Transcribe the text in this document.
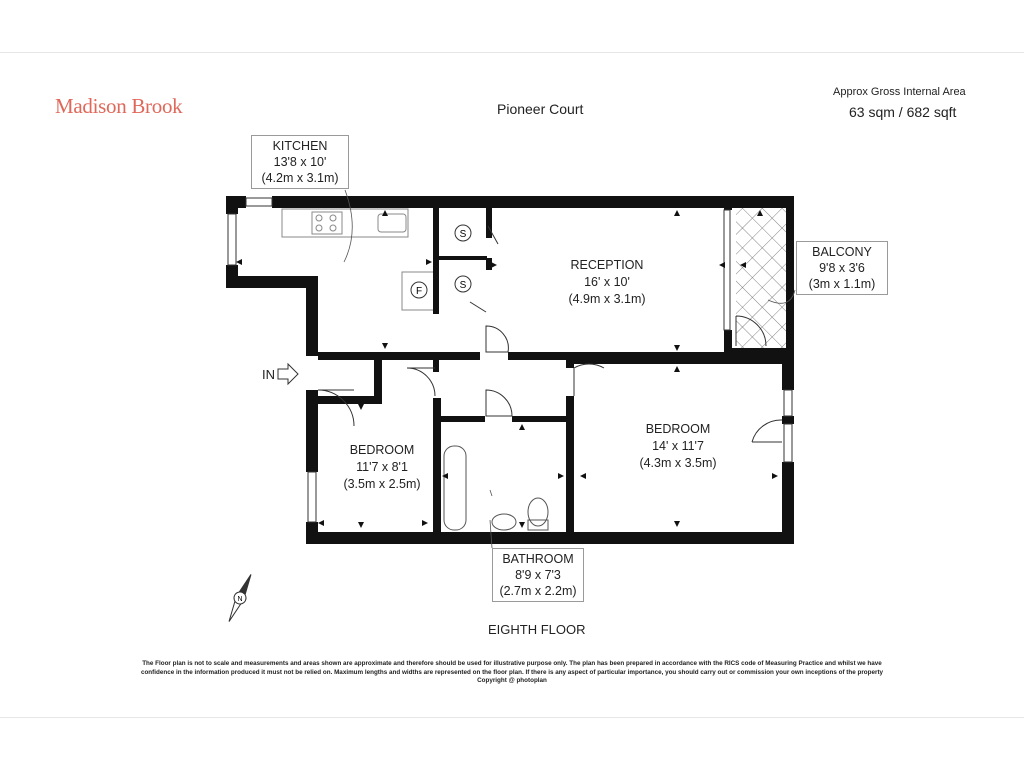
Madison Brook	Pioneer Court
Approx Gross Internal Area
63 sqm / 682 sqft
S
S
F
N
KITCHEN
13'8 x 10'
(4.2m x 3.1m)
RECEPTION
16' x 10'
(4.9m x 3.1m)
BALCONY
9'8 x 3'6
(3m x 1.1m)
BEDROOM
11'7 x 8'1
(3.5m x 2.5m)
BEDROOM
14' x 11'7
(4.3m x 3.5m)
BATHROOM
8'9 x 7'3
(2.7m x 2.2m)
IN
EIGHTH FLOOR
The Floor plan is not to scale and measurements and areas shown are approximate and therefore should be used for illustrative purpose only. The plan has been prepared in accordance with the RICS code of Measuring Practice and whilst we have
confidence in the information produced it must not be relied on. Maximum lengths and widths are represented on the floor plan. If there is any aspect of particular importance, you should carry out or commission your own inceptions of the property
Copyright @ photoplan
